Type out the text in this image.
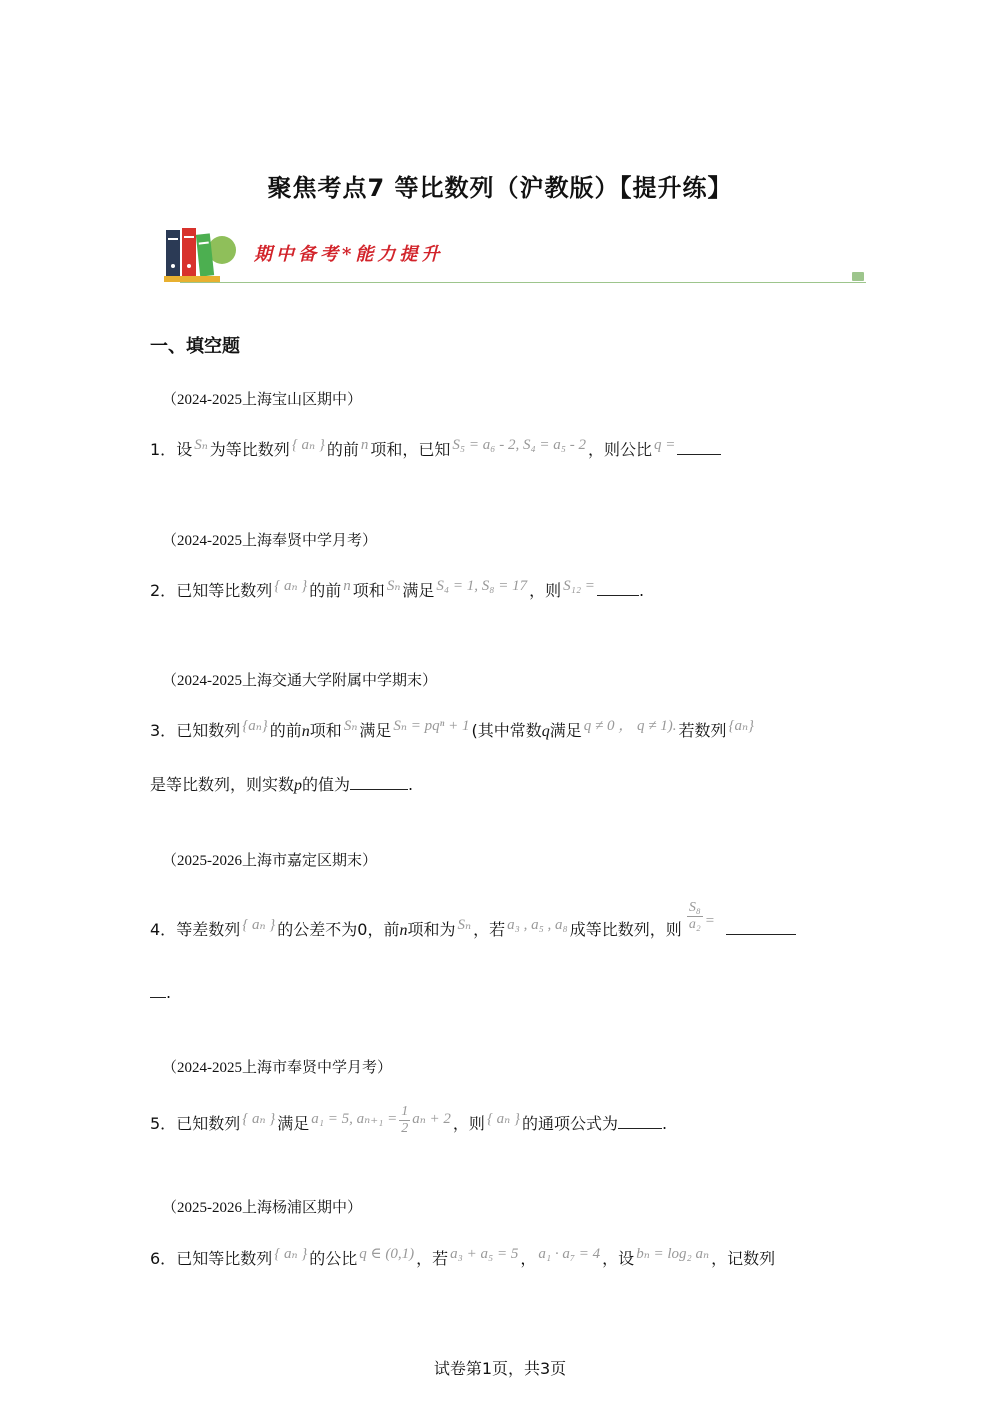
聚焦考点7 等比数列（沪教版）【提升练】
期中备考*能力提升
一、填空题
（2024-2025上海宝山区期中）
1．设 Sₙ 为等比数列 { aₙ } 的前 n 项和，已知 S₅ = a₆ - 2, S₄ = a₅ - 2 ，则公比 q =
（2024-2025上海奉贤中学月考）
2．已知等比数列 { aₙ } 的前 n 项和 Sₙ 满足 S₄ = 1, S₈ = 17 ，则 S₁₂ =	.
（2024-2025上海交通大学附属中学期末）
3．已知数列 {aₙ} 的前n项和 Sₙ 满足 Sₙ = pqⁿ + 1 (其中常数q满足 q ≠ 0 ， q ≠ 1). 若数列 {aₙ}
是等比数列，则实数p的值为	.
（2025-2026上海市嘉定区期末）
4．等差数列 { aₙ } 的公差不为0，前n项和为 Sₙ ，若 a₃ , a₅ , a₈ 成等比数列，则 $\frac{\text{S₈}}{\text{a₂}}$ =
.
（2024-2025上海市奉贤中学月考）
5．已知数列 { aₙ } 满足 a₁ = 5, $a_{n+1} = \frac{1}{2}$ aₙ + 2 ，则 { aₙ } 的通项公式为	.
（2025-2026上海杨浦区期中）
6．已知等比数列 { aₙ } 的公比 q ∈ (0,1) ，若 a₃ + a₅ = 5 ， a₁ · a₇ = 4 ，设 bₙ = log₂ aₙ ，记数列
试卷第1页，共3页
